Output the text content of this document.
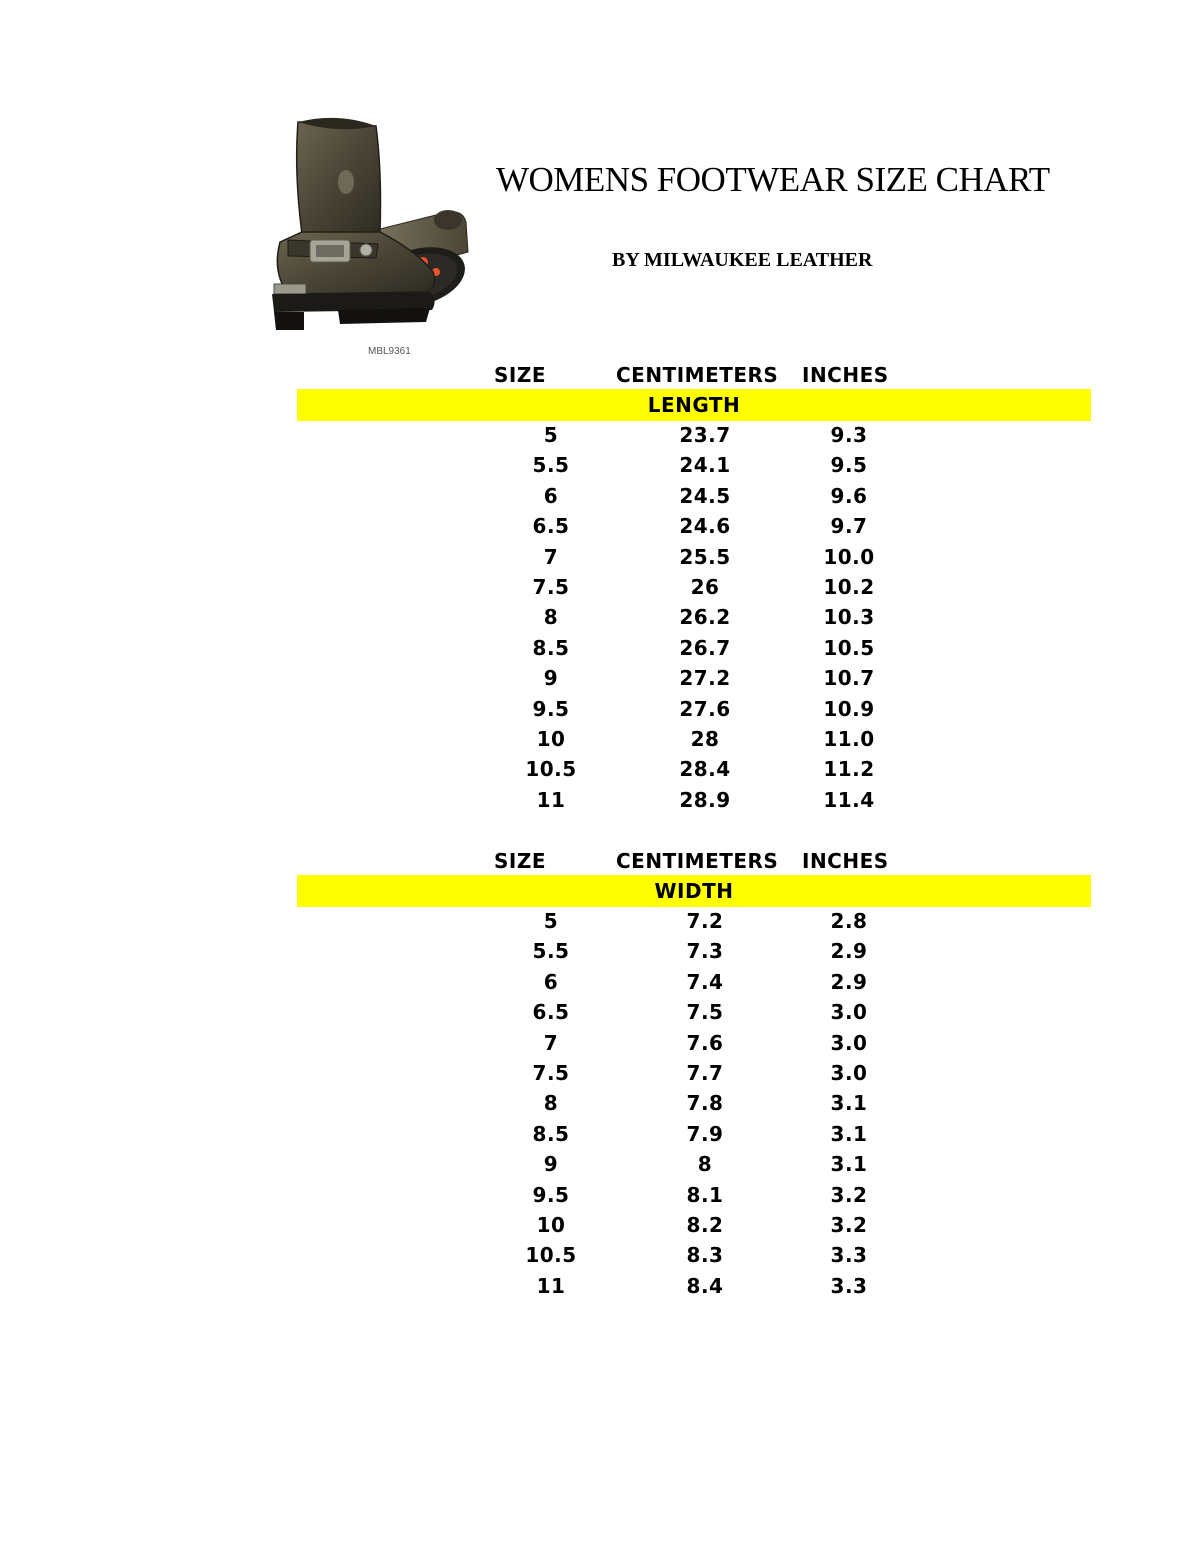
MBL9361
WOMENS FOOTWEAR SIZE CHART
BY MILWAUKEE LEATHER
SIZE	CENTIMETERS INCHES
LENGTH
5	23.7	9.3
5.5	24.1	9.5
6	24.5	9.6
6.5	24.6	9.7
7	25.5	10.0
7.5	26	10.2
8	26.2	10.3
8.5	26.7	10.5
9	27.2	10.7
9.5	27.6	10.9
10	28	11.0
10.5	28.4	11.2
11	28.9	11.4
SIZE	CENTIMETERS INCHES
WIDTH
5	7.2	2.8
5.5	7.3	2.9
6	7.4	2.9
6.5	7.5	3.0
7	7.6	3.0
7.5	7.7	3.0
8	7.8	3.1
8.5	7.9	3.1
9	8	3.1
9.5	8.1	3.2
10	8.2	3.2
10.5	8.3	3.3
11	8.4	3.3
